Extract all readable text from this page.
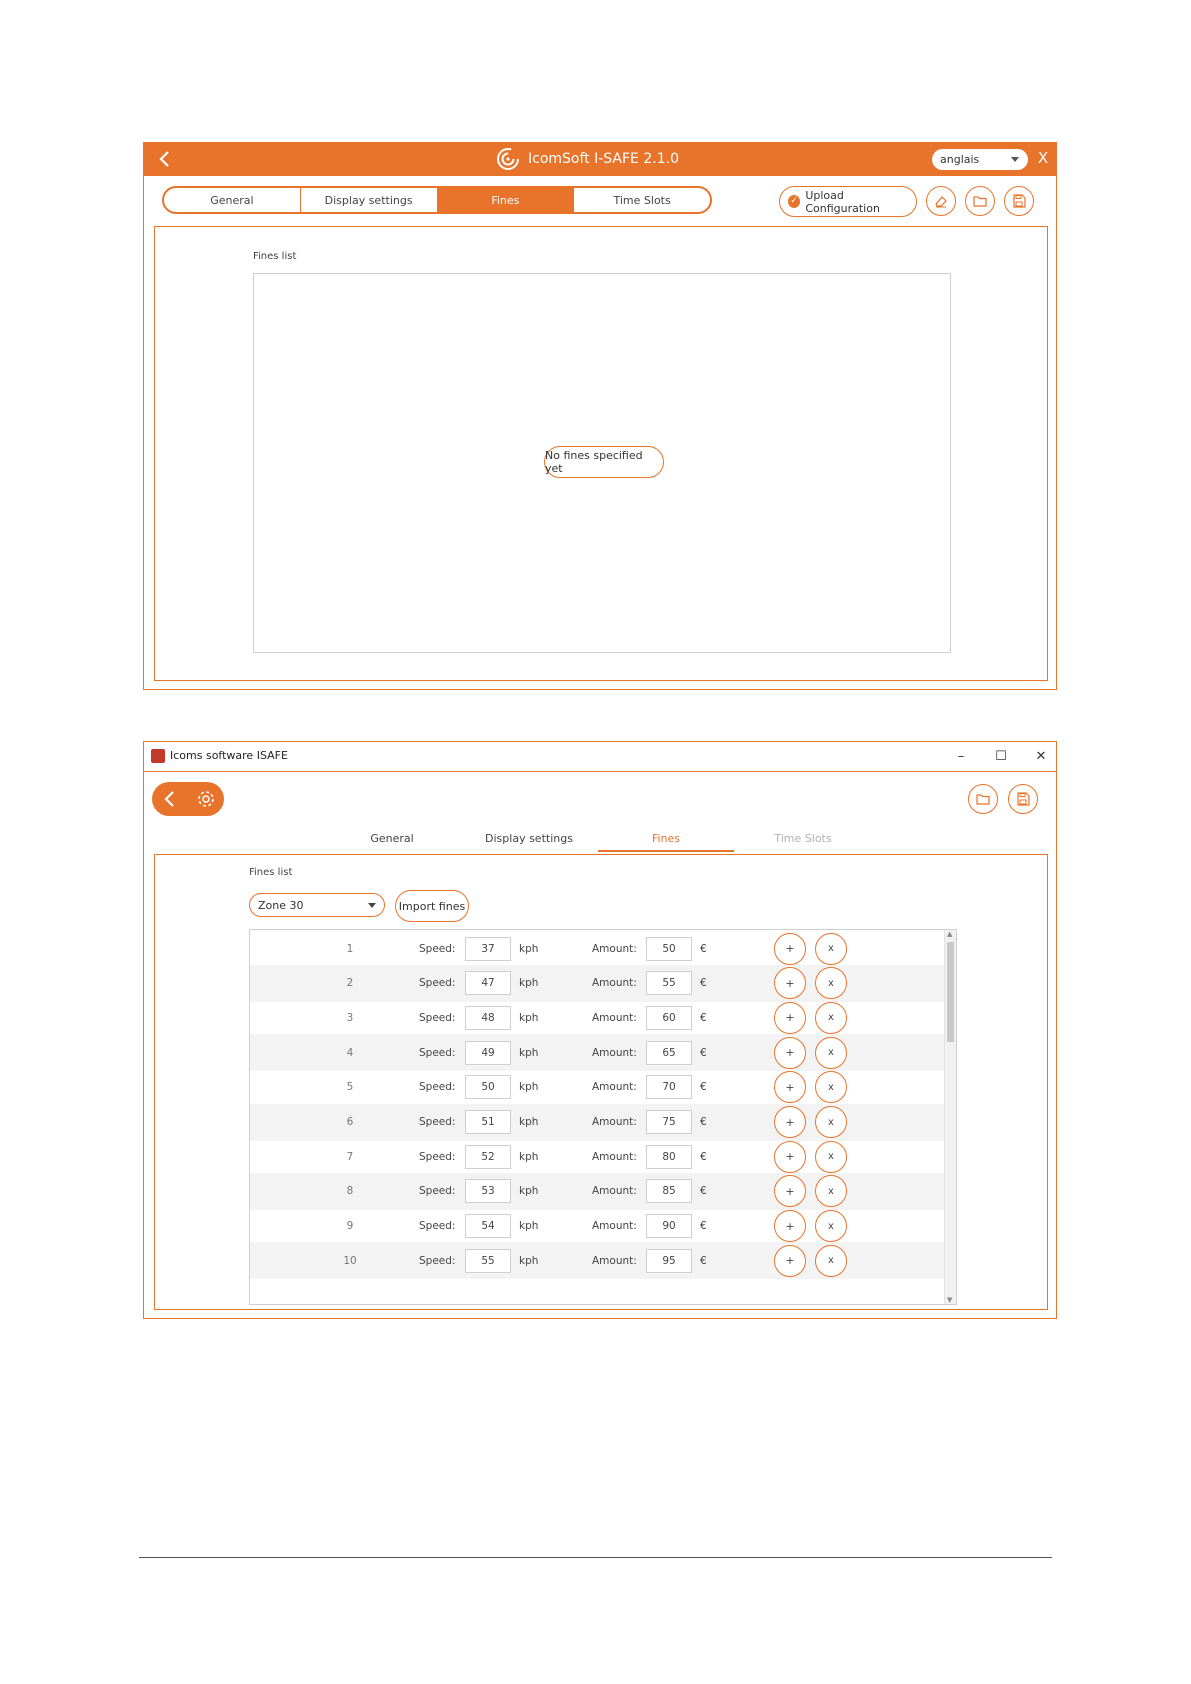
IcomSoft I-SAFE 2.1.0	anglais	X
General	Display settings	Fines	Time Slots	✓ Upload Configuration
Fines list
No fines specified yet
Icoms software ISAFE	–	☐	✕
General	Display settings	Fines	Time Slots
Fines list
Zone 30	Import fines
1	Speed:	37	kph	Amount:	50	€	+	x
2	Speed:	47	kph	Amount:	55	€	+	x
3	Speed:	48	kph	Amount:	60	€	+	x
4	Speed:	49	kph	Amount:	65	€	+	x
5	Speed:	50	kph	Amount:	70	€	+	x
6	Speed:	51	kph	Amount:	75	€	+	x
7	Speed:	52	kph	Amount:	80	€	+	x
8	Speed:	53	kph	Amount:	85	€	+	x
9	Speed:	54	kph	Amount:	90	€	+	x
10	Speed:	55	kph	Amount:	95	€	+	x
▲
▼
